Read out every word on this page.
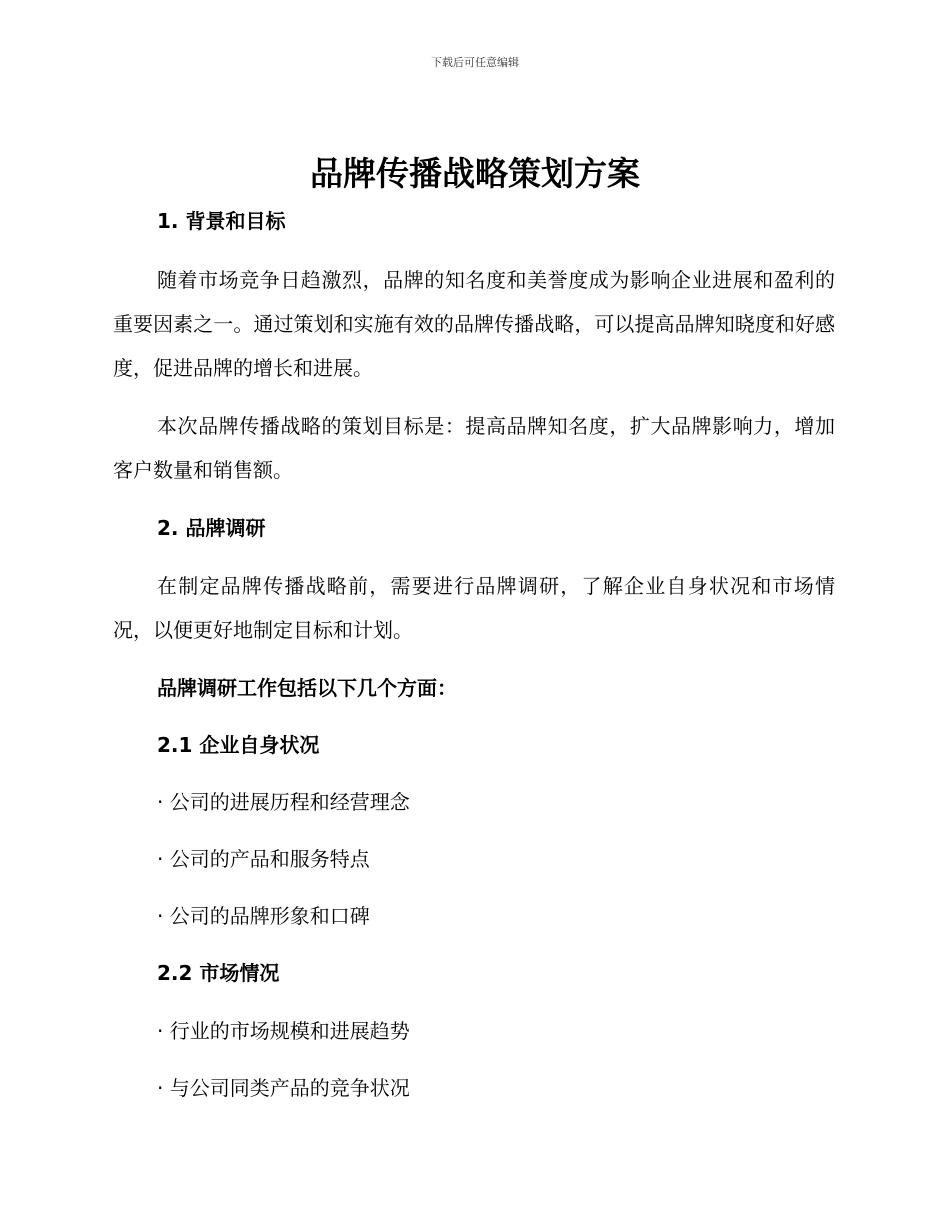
下载后可任意编辑
品牌传播战略策划方案
1. 背景和目标
随着市场竞争日趋激烈，品牌的知名度和美誉度成为影响企业进展和盈利的重要因素之一。通过策划和实施有效的品牌传播战略，可以提高品牌知晓度和好感度，促进品牌的增长和进展。
本次品牌传播战略的策划目标是：提高品牌知名度，扩大品牌影响力，增加客户数量和销售额。
2. 品牌调研
在制定品牌传播战略前，需要进行品牌调研，了解企业自身状况和市场情况，以便更好地制定目标和计划。
品牌调研工作包括以下几个方面：
2.1 企业自身状况
· 公司的进展历程和经营理念
· 公司的产品和服务特点
· 公司的品牌形象和口碑
2.2 市场情况
· 行业的市场规模和进展趋势
· 与公司同类产品的竞争状况
